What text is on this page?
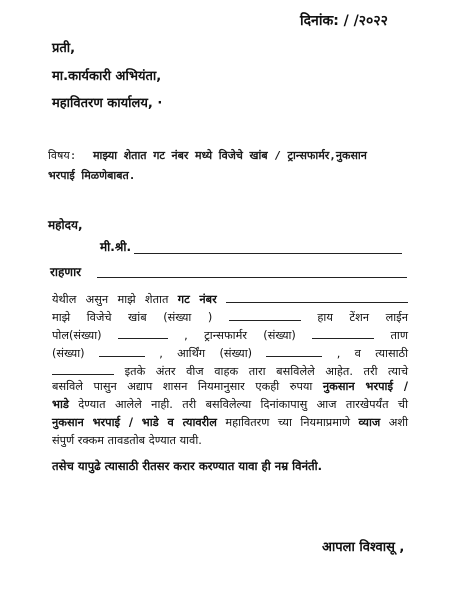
दिनांक: / /२०२२
प्रती,
मा.कार्यकारी अभियंता,
महावितरण कार्यालय, ·
विषय: माझ्या शेतात गट नंबर मध्ये विजेचे खांब / ट्रान्सफार्मर,नुकसान
भरपाई मिळणेबाबत.
महोदय,
मी.श्री.
राहणार
येथील असुन माझे शेतात गट नंबर
माझे विजेचे खांब (संख्या )	हाय टेंशन लाईन
पोल(संख्या)	, ट्रान्सफार्मर (संख्या)	ताण
(संख्या)	, आर्थिंग (संख्या)	, व त्यासाठी
इतके अंतर वीज वाहक तारा बसविलेले आहेत. तरी त्याचे
बसविले पासुन अद्याप शासन नियमानुसार एकही रुपया नुकसान भरपाई /
भाडे देण्यात आलेले नाही. तरी बसविलेल्या दिनांकापासु आज तारखेपर्यंत ची
नुकसान भरपाई / भाडे व त्यावरील महावितरण च्या नियमाप्रमाणे व्याज अशी
संपुर्ण रक्कम तावडतोब देण्यात यावी.
तसेच यापुढे त्यासाठी रीतसर करार करण्यात यावा ही नम्र विनंती.
आपला विश्वासू ,
